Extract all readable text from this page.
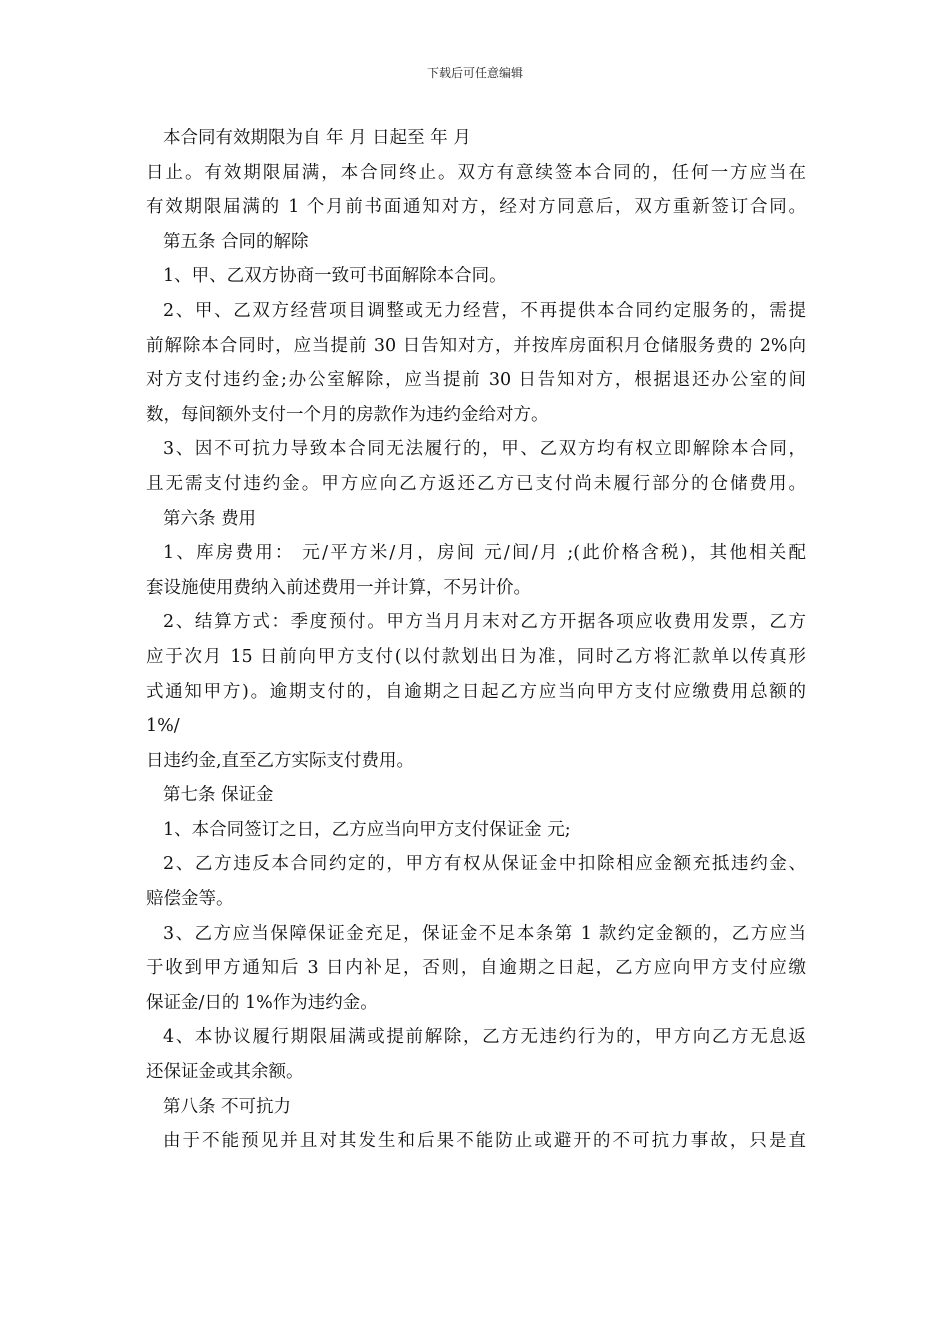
下载后可任意编辑
本合同有效期限为自 年 月 日起至 年 月
日止。有效期限届满，本合同终止。双方有意续签本合同的，任何一方应当在
有效期限届满的 1 个月前书面通知对方，经对方同意后，双方重新签订合同。
第五条 合同的解除
1、甲、乙双方协商一致可书面解除本合同。
2、甲、乙双方经营项目调整或无力经营，不再提供本合同约定服务的，需提
前解除本合同时，应当提前 30 日告知对方，并按库房面积月仓储服务费的 2%向
对方支付违约金;办公室解除，应当提前 30 日告知对方，根据退还办公室的间
数，每间额外支付一个月的房款作为违约金给对方。
3、因不可抗力导致本合同无法履行的，甲、乙双方均有权立即解除本合同，
且无需支付违约金。甲方应向乙方返还乙方已支付尚未履行部分的仓储费用。
第六条 费用
1、库房费用： 元/平方米/月，房间 元/间/月 ;(此价格含税)，其他相关配
套设施使用费纳入前述费用一并计算，不另计价。
2、结算方式：季度预付。甲方当月月末对乙方开据各项应收费用发票，乙方
应于次月 15 日前向甲方支付(以付款划出日为准，同时乙方将汇款单以传真形
式通知甲方)。逾期支付的，自逾期之日起乙方应当向甲方支付应缴费用总额的
1%/
日违约金,直至乙方实际支付费用。
第七条 保证金
1、本合同签订之日，乙方应当向甲方支付保证金 元;
2、乙方违反本合同约定的，甲方有权从保证金中扣除相应金额充抵违约金、
赔偿金等。
3、乙方应当保障保证金充足，保证金不足本条第 1 款约定金额的，乙方应当
于收到甲方通知后 3 日内补足，否则，自逾期之日起，乙方应向甲方支付应缴
保证金/日的 1%作为违约金。
4、本协议履行期限届满或提前解除，乙方无违约行为的，甲方向乙方无息返
还保证金或其余额。
第八条 不可抗力
由于不能预见并且对其发生和后果不能防止或避开的不可抗力事故，只是直
